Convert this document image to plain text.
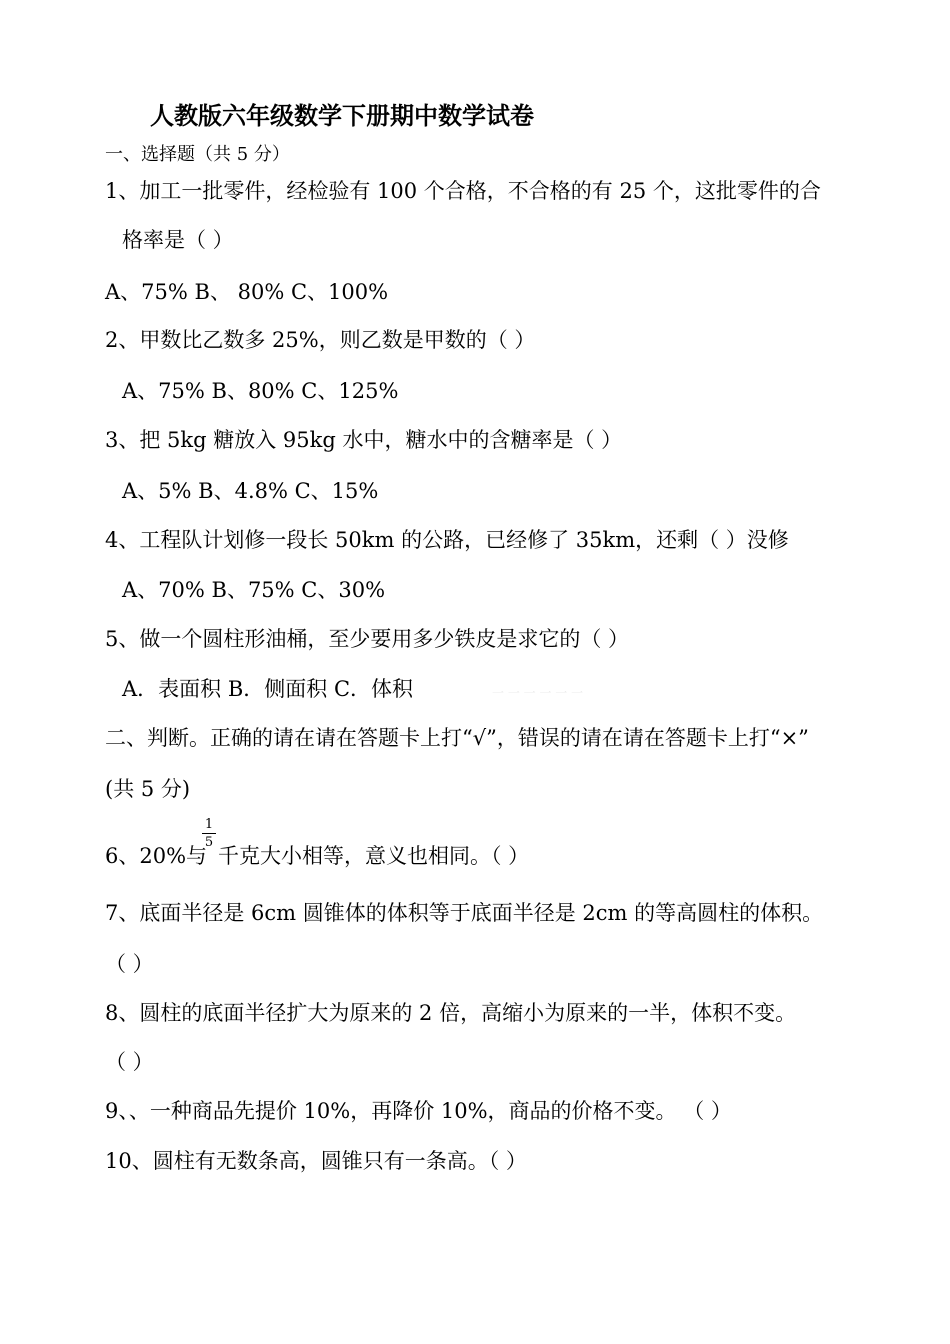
人教版六年级数学下册期中数学试卷
一、选择题（共 5 分）
1、加工一批零件，经检验有 100 个合格，不合格的有 25 个，这批零件的合
格率是（ ）
A、75% B、 80% C、100%
2、甲数比乙数多 25%，则乙数是甲数的（ ）
A、75% B、80% C、125%
3、把 5kg 糖放入 95kg 水中，糖水中的含糖率是（ ）
A、5% B、4.8% C、15%
4、工程队计划修一段长 50km 的公路，已经修了 35km，还剩（ ）没修
A、70% B、75% C、30%
5、做一个圆柱形油桶，至少要用多少铁皮是求它的（ ）
A．表面积 B．侧面积 C．体积	一 一 一 一 一 一
二、判断。正确的请在请在答题卡上打“√”，错误的请在请在答题卡上打“×”
(共 5 分)
6、20%与
1
5
千克大小相等，意义也相同。（ ）
7、底面半径是 6cm 圆锥体的体积等于底面半径是 2cm 的等高圆柱的体积。
（ ）
8、圆柱的底面半径扩大为原来的 2 倍，高缩小为原来的一半，体积不变。
（ ）
9、、一种商品先提价 10%，再降价 10%，商品的价格不变。 （ ）
10、圆柱有无数条高，圆锥只有一条高。（ ）
